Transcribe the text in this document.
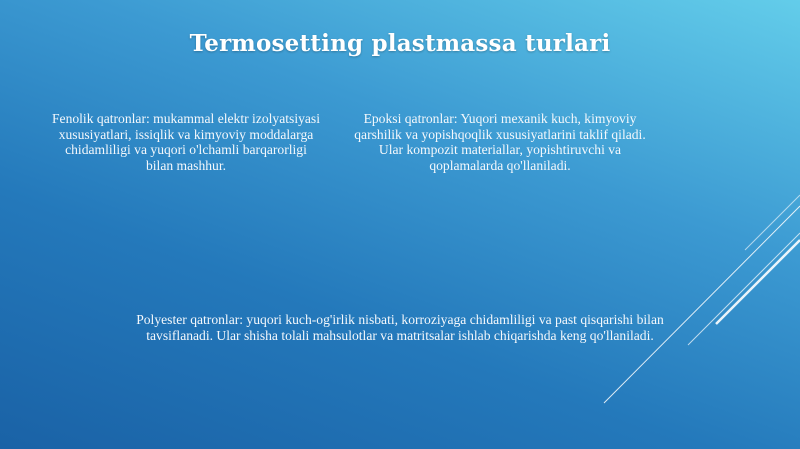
Termosetting plastmassa turlari
Fenolik qatronlar: mukammal elektr izolyatsiyasi xususiyatlari, issiqlik va kimyoviy moddalarga chidamliligi va yuqori o'lchamli barqarorligi bilan mashhur.
Epoksi qatronlar: Yuqori mexanik kuch, kimyoviy qarshilik va yopishqoqlik xususiyatlarini taklif qiladi. Ular kompozit materiallar, yopishtiruvchi va qoplamalarda qo'llaniladi.
Polyester qatronlar: yuqori kuch-og'irlik nisbati, korroziyaga chidamliligi va past qisqarishi bilan tavsiflanadi. Ular shisha tolali mahsulotlar va matritsalar ishlab chiqarishda keng qo'llaniladi.
